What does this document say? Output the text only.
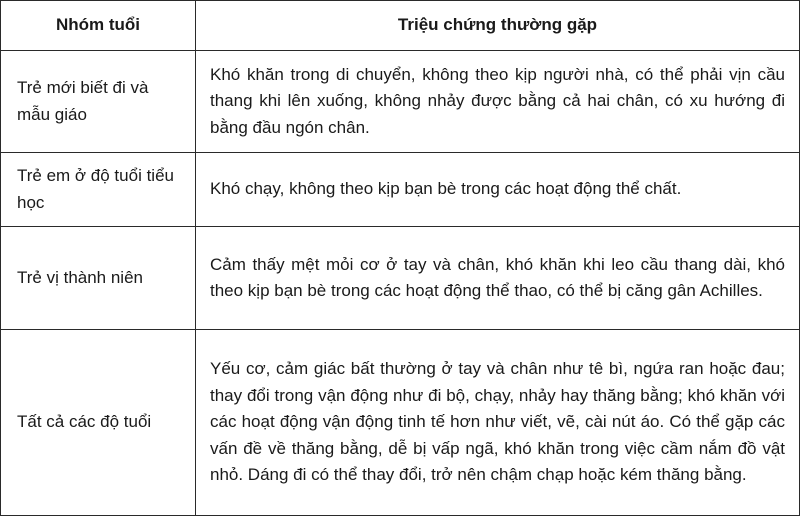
Nhóm tuổi	Triệu chứng thường gặp
Trẻ mới biết đi và mẫu giáo	Khó khăn trong di chuyển, không theo kịp người nhà, có thể phải vịn cầu thang khi lên xuống, không nhảy được bằng cả hai chân, có xu hướng đi bằng đầu ngón chân.
Trẻ em ở độ tuổi tiểu học	Khó chạy, không theo kịp bạn bè trong các hoạt động thể chất.
Trẻ vị thành niên	Cảm thấy mệt mỏi cơ ở tay và chân, khó khăn khi leo cầu thang dài, khó theo kịp bạn bè trong các hoạt động thể thao, có thể bị căng gân Achilles.
Tất cả các độ tuổi	Yếu cơ, cảm giác bất thường ở tay và chân như tê bì, ngứa ran hoặc đau; thay đổi trong vận động như đi bộ, chạy, nhảy hay thăng bằng; khó khăn với các hoạt động vận động tinh tế hơn như viết, vẽ, cài nút áo. Có thể gặp các vấn đề về thăng bằng, dễ bị vấp ngã, khó khăn trong việc cầm nắm đồ vật nhỏ. Dáng đi có thể thay đổi, trở nên chậm chạp hoặc kém thăng bằng.
